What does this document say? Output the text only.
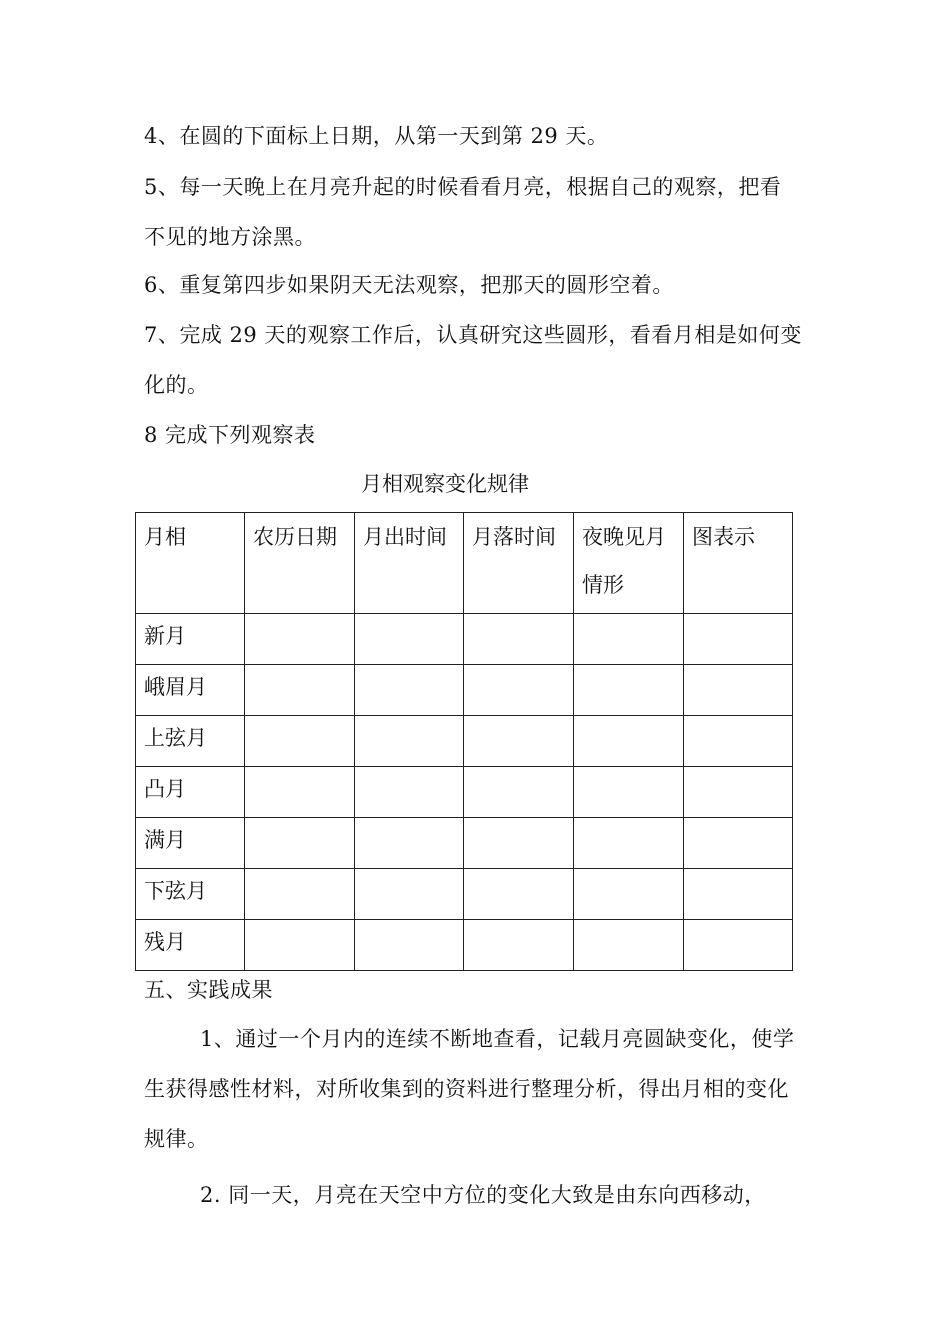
4、在圆的下面标上日期，从第一天到第 29 天。
5、每一天晚上在月亮升起的时候看看月亮，根据自己的观察，把看
不见的地方涂黑。
6、重复第四步如果阴天无法观察，把那天的圆形空着。
7、完成 29 天的观察工作后，认真研究这些圆形，看看月相是如何变
化的。
8 完成下列观察表
月相观察变化规律
月相	农历日期	月出时间	月落时间	夜晚见月情形	图表示
新月					
峨眉月					
上弦月					
凸月					
满月					
下弦月					
残月					
五、实践成果
1、通过一个月内的连续不断地查看，记载月亮圆缺变化，使学
生获得感性材料，对所收集到的资料进行整理分析，得出月相的变化
规律。
2. 同一天，月亮在天空中方位的变化大致是由东向西移动，
